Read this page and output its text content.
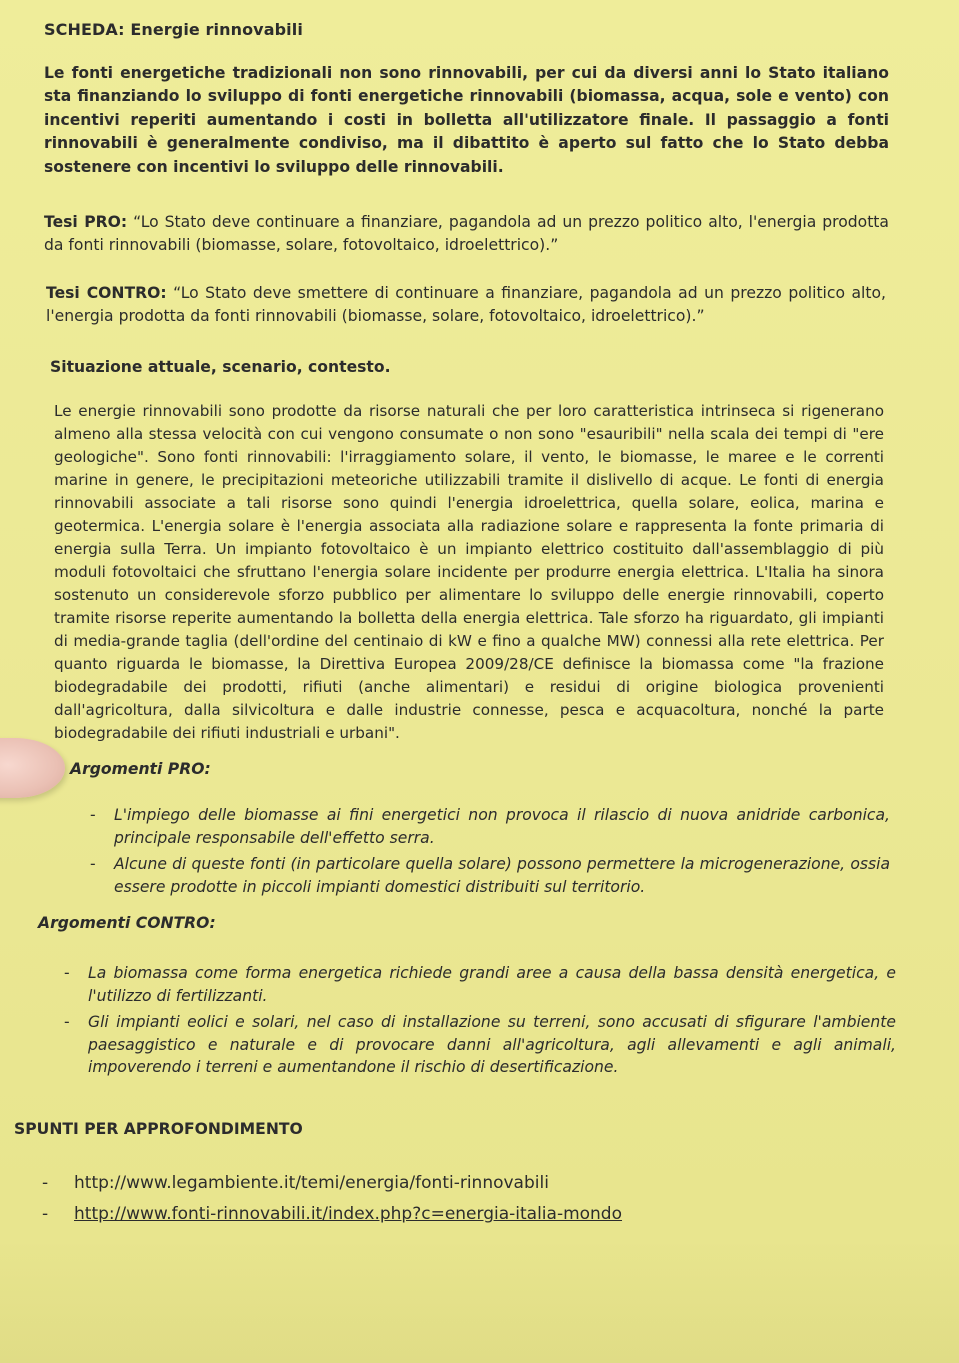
SCHEDA: Energie rinnovabili
Le fonti energetiche tradizionali non sono rinnovabili, per cui da diversi anni lo Stato italiano sta finanziando lo sviluppo di fonti energetiche rinnovabili (biomassa, acqua, sole e vento) con incentivi reperiti aumentando i costi in bolletta all'utilizzatore finale. Il passaggio a fonti rinnovabili è generalmente condiviso, ma il dibattito è aperto sul fatto che lo Stato debba sostenere con incentivi lo sviluppo delle rinnovabili.
Tesi PRO: “Lo Stato deve continuare a finanziare, pagandola ad un prezzo politico alto, l'energia prodotta da fonti rinnovabili (biomasse, solare, fotovoltaico, idroelettrico).”
Tesi CONTRO: “Lo Stato deve smettere di continuare a finanziare, pagandola ad un prezzo politico alto, l'energia prodotta da fonti rinnovabili (biomasse, solare, fotovoltaico, idroelettrico).”
Situazione attuale, scenario, contesto.
Le energie rinnovabili sono prodotte da risorse naturali che per loro caratteristica intrinseca si rigenerano almeno alla stessa velocità con cui vengono consumate o non sono "esauribili" nella scala dei tempi di "ere geologiche". Sono fonti rinnovabili: l'irraggiamento solare, il vento, le biomasse, le maree e le correnti marine in genere, le precipitazioni meteoriche utilizzabili tramite il dislivello di acque. Le fonti di energia rinnovabili associate a tali risorse sono quindi l'energia idroelettrica, quella solare, eolica, marina e geotermica. L'energia solare è l'energia associata alla radiazione solare e rappresenta la fonte primaria di energia sulla Terra. Un impianto fotovoltaico è un impianto elettrico costituito dall'assemblaggio di più moduli fotovoltaici che sfruttano l'energia solare incidente per produrre energia elettrica. L'Italia ha sinora sostenuto un considerevole sforzo pubblico per alimentare lo sviluppo delle energie rinnovabili, coperto tramite risorse reperite aumentando la bolletta della energia elettrica. Tale sforzo ha riguardato, gli impianti di media-grande taglia (dell'ordine del centinaio di kW e fino a qualche MW) connessi alla rete elettrica. Per quanto riguarda le biomasse, la Direttiva Europea 2009/28/CE definisce la biomassa come "la frazione biodegradabile dei prodotti, rifiuti (anche alimentari) e residui di origine biologica provenienti dall'agricoltura, dalla silvicoltura e dalle industrie connesse, pesca e acquacoltura, nonché la parte biodegradabile dei rifiuti industriali e urbani".
Argomenti PRO:
- L'impiego delle biomasse ai fini energetici non provoca il rilascio di nuova anidride carbonica, principale responsabile dell'effetto serra.
- Alcune di queste fonti (in particolare quella solare) possono permettere la microgenerazione, ossia essere prodotte in piccoli impianti domestici distribuiti sul territorio.
Argomenti CONTRO:
- La biomassa come forma energetica richiede grandi aree a causa della bassa densità energetica, e l'utilizzo di fertilizzanti.
- Gli impianti eolici e solari, nel caso di installazione su terreni, sono accusati di sfigurare l'ambiente paesaggistico e naturale e di provocare danni all'agricoltura, agli allevamenti e agli animali, impoverendo i terreni e aumentandone il rischio di desertificazione.
SPUNTI PER APPROFONDIMENTO
- http://www.legambiente.it/temi/energia/fonti-rinnovabili
- http://www.fonti-rinnovabili.it/index.php?c=energia-italia-mondo
